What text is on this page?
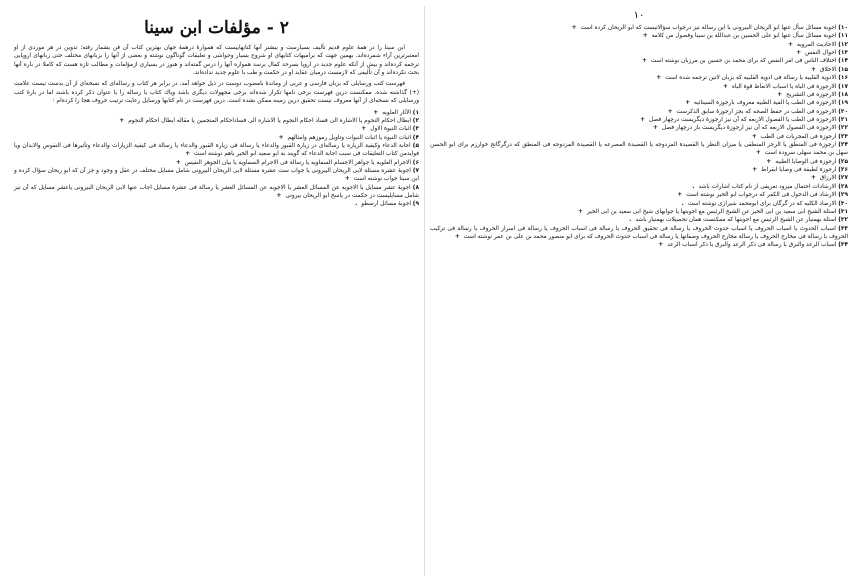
۲ - مؤلفات ابن سينا

ابن سينا را در همهٔ علوم قديم تأليف بسيارست و بيشتر آنها كتابهاييست كه هموارهٔ درهمهٔ جهان بهترين كتاب آن فن بشمار رفته؛ تدوين در هر موردى از او امعتبرترين آراء شمرده‌اند. بهمين جهت كه براميهات كتابهاى او شروح بسيار وحواشى و تعليقات گوناگون نوشته و بعضى از آنها را بزبانهاى مختلف حتى زبانهاى اروپايى ترجمه كرده‌اند و بيش از آنكه علوم جديد در اروپا بسرحد كمال برسد همواره آنها را درس گفته‌اند و هنوز در بسيارى ازمؤلفات و مطالب تازه هست كه كاملا در باره آنها بحث نكرده‌اند و آن تأليفى كه لازمست درميان عقايد او در حكمت و طب با علوم جديد نداده‌اند.

فهرست كتب ورسايلى كه بزبان فارسى و عربى از وماندهٔ بامضوب دوست در ذيل خواهد آمد. در برابر هر كتاب و رساله‌اى كه نسخه‌اى از آن بدست نيست علامت (+) گذاشته شده. ممكنست درين فهرست برخى نامها تكرار شده‌اند برخى مجهولات ديگرى باشد وياك كتاب يا رساله را با عنوان ذكر كرده باشند اما در بارهٔ كتب ورسايلى كه نسخه‌اى از آنها معروف نيست تحقيق درين زمينه ممكن نشده است. درين فهرست در نام كتابها ورسايل رعايت ترتيب حروف هجا را كرده‌ام :

۱) الآثار العلويه+

۲) ابطال احكام النجوم يا الاشاره الى فساد احكام النجوم يا الاشاره الى فساداحكام المنجمين يا مقاله ابطال احكام النجوم+

۳) اثبات النبوة الاول+

۴) اثبات النبوه يا اثبات النبوات وتاويل رموزهم وامثالهم+

۵) اجابة الدعاء وكيفية الزياره يا رساله‌اى در زيارة القبور والدعاء يا رسالة فى زيارة القبور والدعاء يا رسالة فى كيفية الزيارات والدعاء وتأثيرها فى النفوس والابدان ويا فوايدمن كتاب التعليقات فى سبب اجابة الدعاء كه گويند به ابو سعيد ابو الخير باهم نوشته است+

۶) الاجرام العلويه يا جواهر الاجسام السماويه يا رسالة فى الاجرام السماويه يا بيان الجوهر النفيس+

۷) اجوبهٔ عشره مسئلة لابى الريحان البيرونى يا جواب ست عشره مسئلة لابى الريحان البيرونى شامل مسايل مختلف در عقل و وجود و جز آن كه ابو ريحان سؤال كرده و ابن سينا جواب نوشته است+

۸) اجوبهٔ عشر مسايل يا الاجوبه عن المسائل العشر يا الاجوبه عن المسائل العشر يا رسالة فى عشرهٔ مسايل اجاب عنها لابى الريحان البيرونى ياعشر مسايل كه آن نيز شامل مسايليست در حكمت در پاسخ ابو الريحان بيرونى+

۹) اجوبهٔ مسائل ارسطو.

۱۰

۱۰) اجوبة مسائل سأل عنها ابو الريحان البيرونى يا اين رساله نيز درجواب سؤالاتيست كه ابو الريحان كرده است+

۱۱) اجوبة مسائل سأل عنها ابو على الحسين بن عبدالله بن سينا وفصول من كلامه+

۱۲) الاحاديث المرويه+

۱۳) احوال النفس+

۱۴) اختلاف الناس فى امر النفس كه براى محمد بن حسين بن مرزبان نوشته است+

۱۵) الاخلاق+

۱۶) الادوية القلبيه يا رسالة فى ادوية القلبيه كه بزبان لاتين ترجمه شده است+

۱۷) الارجوزة فى الباه يا اسباب الانعاظ قوة الباه+

۱۸) الارجوزه فى التشريح+

۱۹) الارجوزه فى الطب يا الفية الطبيه معروف بارجوزة السينائيه+

۲۰) الارجوزه فى الطب در حفظ الصحه كه بجز ارجوزهٔ سابق الذكرست+

۲۱) الارجوزه فى الطب يا الفصول الاربعه كه آن نيز ارجوزهٔ ديگريست درچهار فصل+

۲۲) الارجوزه فى الفصول الاربعه كه آن نيز ارجوزهٔ ديگريست باز درچهار فصل+

۲۳) ارجوزة فى المجربات فى الطب+

۲۴) ارجوزة فى المنطق يا الرجز المنطقى يا ميزان النظر يا القصيدة المزدوجه يا القصيدة المصرعه يا القصيدة المزدوجه فى المنطق كه درگرگانج خوارزم براى ابو الحسن سهل بن محمد سهلى سروده است+

۲۵) ارجوزة فى الوصايا الطبيه+

۲۶) ارجوزة لطيفة فى وصايا ابقراط+

۲۷) الارزاق+

۲۸) الارشادات احتمال ميرود تعريفى از نام كتاب اشارات باشد.

۲۹) الارشاد فى الدخول فى الكفر كه درجواب ابو الخير نوشته است+

۳۰) الارصاد الكليه كه در گرگان براى ابومحمد شيرازى نوشته است.

۳۱) اسئلة الشيخ ابى سعيد بن ابى الخير عن الشيخ الرئيس مع اجوبتها يا جوابهاى شيخ ابى سعيد بن ابى الخير+

۳۲) اسئلة بهمنيار عن الشيخ الرئيس مع اجوبتها كه ممكنست همان تحصيلات بهمنيار باشد.

۳۳) اسباب الحدوث يا اسباب الحروف يا اسباب حدوث الحروف يا رسالة فى تحقيق الحروف يا رسالة فى اسباب الحروف يا رسالة فى اسرار الحروف يا رسالة فى تركيب الحروف يا رسالة فى مخارج الحروف يا رسالة مخارج الحروف وصفاتها يا رسالة فى اسباب حدوث الحروف كه براى ابو منصور محمد بن على بن عمر نوشته است+

۳۴) اسباب الرعد والبرق يا رسالة فى ذكر الرعد والبرق يا ذكر اسباب الرعد+
